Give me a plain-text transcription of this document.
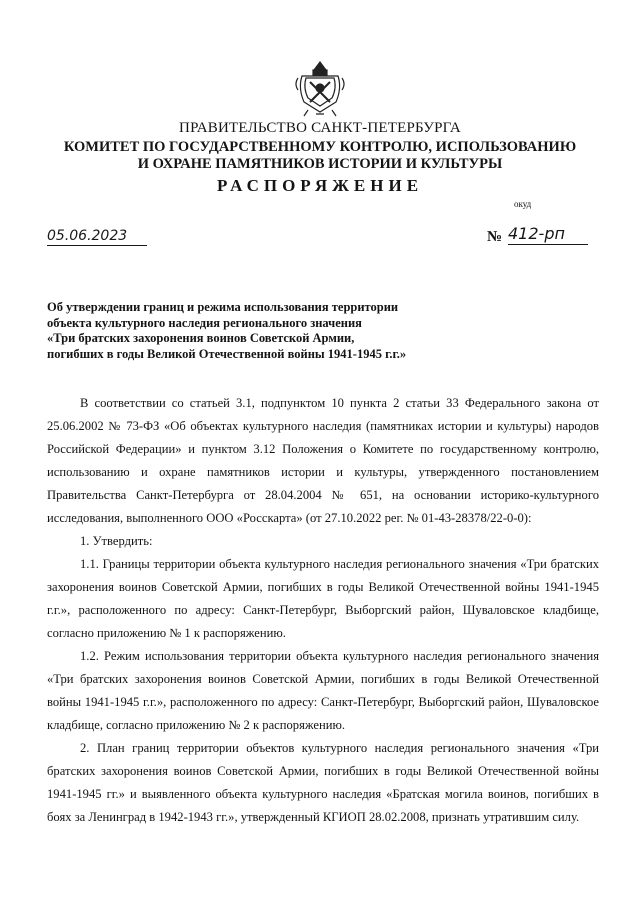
ПРАВИТЕЛЬСТВО САНКТ-ПЕТЕРБУРГА
КОМИТЕТ ПО ГОСУДАРСТВЕННОМУ КОНТРОЛЮ, ИСПОЛЬЗОВАНИЮ
И ОХРАНЕ ПАМЯТНИКОВ ИСТОРИИ И КУЛЬТУРЫ
РАСПОРЯЖЕНИЕ
окуд
05.06.2023	№ 412-рп
Об утверждении границ и режима использования территории
объекта культурного наследия регионального значения
«Три братских захоронения воинов Советской Армии,
погибших в годы Великой Отечественной войны 1941-1945 г.г.»

В соответствии со статьей 3.1, подпунктом 10 пункта 2 статьи 33 Федерального закона от 25.06.2002 № 73-ФЗ «Об объектах культурного наследия (памятниках истории и культуры) народов Российской Федерации» и пунктом 3.12 Положения о Комитете по государственному контролю, использованию и охране памятников истории и культуры, утвержденного постановлением Правительства Санкт-Петербурга от 28.04.2004 № 651, на основании историко-культурного исследования, выполненного ООО «Росскарта» (от 27.10.2022 рег. № 01-43-28378/22-0-0):

1. Утвердить:

1.1. Границы территории объекта культурного наследия регионального значения «Три братских захоронения воинов Советской Армии, погибших в годы Великой Отечественной войны 1941-1945 г.г.», расположенного по адресу: Санкт-Петербург, Выборгский район, Шуваловское кладбище, согласно приложению № 1 к распоряжению.

1.2. Режим использования территории объекта культурного наследия регионального значения «Три братских захоронения воинов Советской Армии, погибших в годы Великой Отечественной войны 1941-1945 г.г.», расположенного по адресу: Санкт-Петербург, Выборгский район, Шуваловское кладбище, согласно приложению № 2 к распоряжению.

2. План границ территории объектов культурного наследия регионального значения «Три братских захоронения воинов Советской Армии, погибших в годы Великой Отечественной войны 1941-1945 гг.» и выявленного объекта культурного наследия «Братская могила воинов, погибших в боях за Ленинград в 1942-1943 гг.», утвержденный КГИОП 28.02.2008, признать утратившим силу.
